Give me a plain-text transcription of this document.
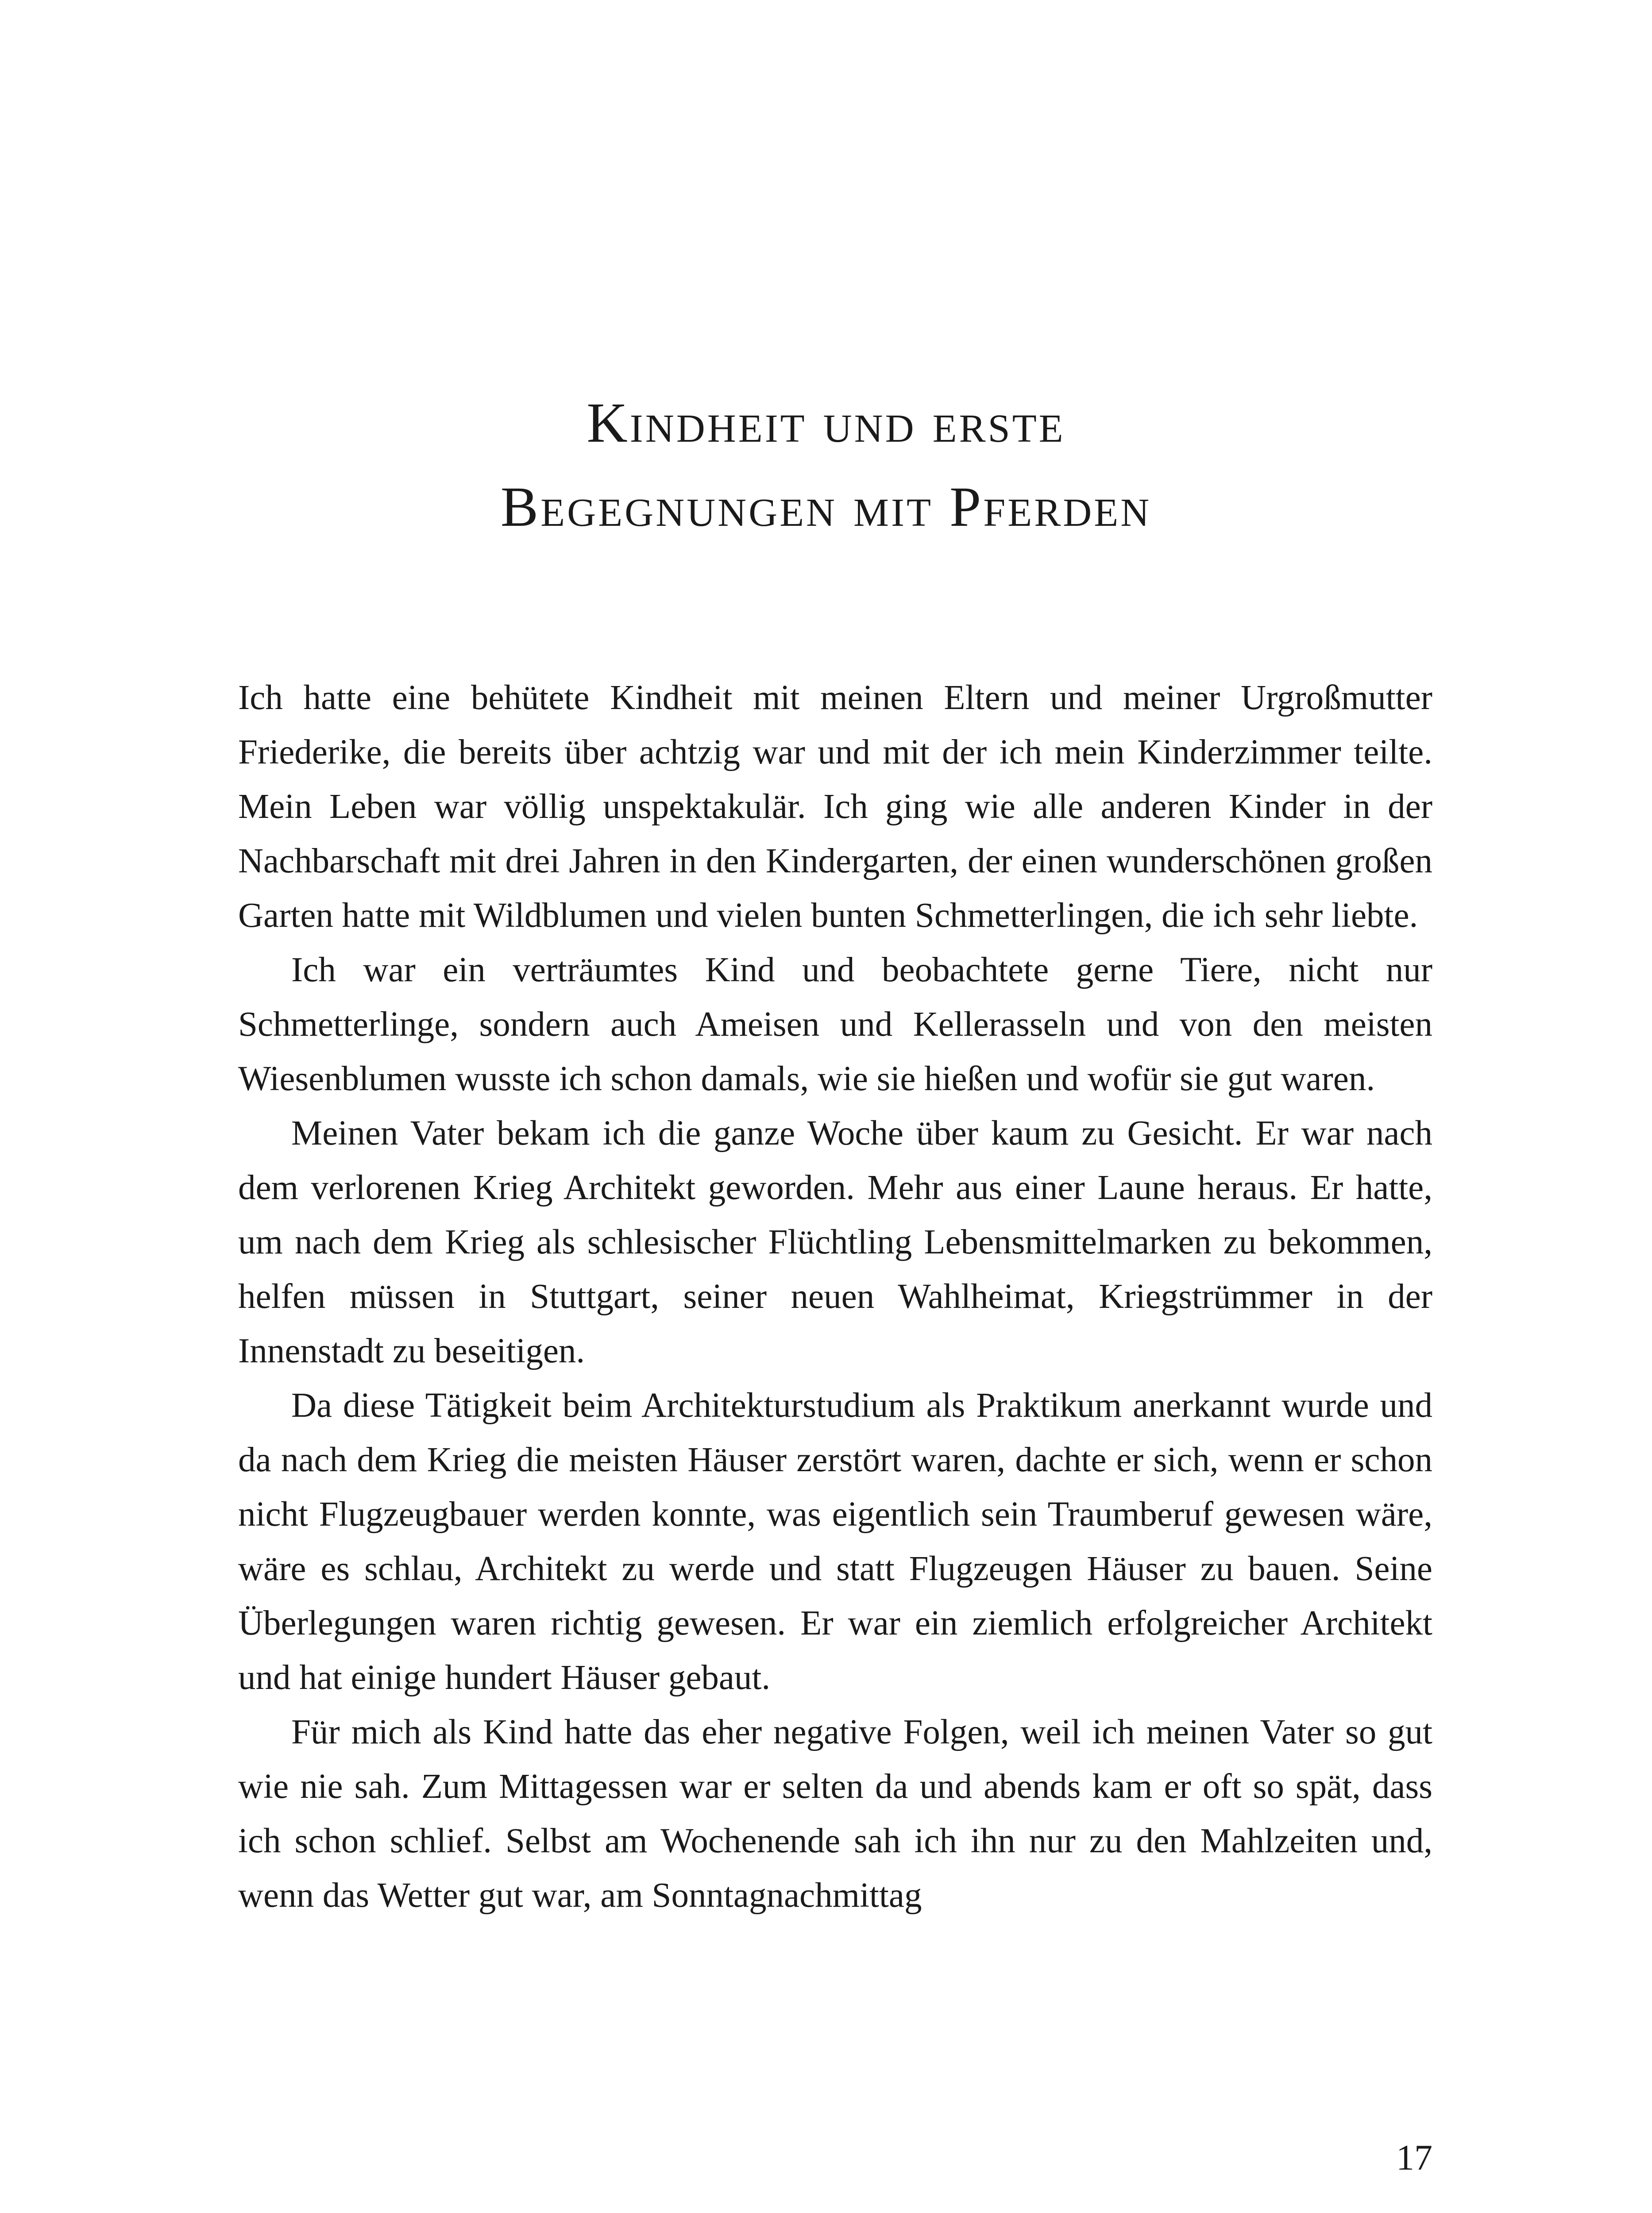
Kindheit und erste
Begegnungen mit Pferden

Ich hatte eine behütete Kindheit mit meinen Eltern und meiner Urgroßmutter Friederike, die bereits über achtzig war und mit der ich mein Kinderzimmer teilte. Mein Leben war völlig unspektakulär. Ich ging wie alle anderen Kinder in der Nachbarschaft mit drei Jahren in den Kindergarten, der einen wunderschönen großen Garten hatte mit Wildblumen und vielen bunten Schmetterlingen, die ich sehr liebte.

Ich war ein verträumtes Kind und beobachtete gerne Tiere, nicht nur Schmetterlinge, sondern auch Ameisen und Kellerasseln und von den meisten Wiesenblumen wusste ich schon damals, wie sie hießen und wofür sie gut waren.

Meinen Vater bekam ich die ganze Woche über kaum zu Gesicht. Er war nach dem verlorenen Krieg Architekt geworden. Mehr aus einer Laune heraus. Er hatte, um nach dem Krieg als schlesischer Flüchtling Lebensmittelmarken zu bekommen, helfen müssen in Stuttgart, seiner neuen Wahlheimat, Kriegstrümmer in der Innenstadt zu beseitigen.

Da diese Tätigkeit beim Architekturstudium als Praktikum anerkannt wurde und da nach dem Krieg die meisten Häuser zerstört waren, dachte er sich, wenn er schon nicht Flugzeugbauer werden konnte, was eigentlich sein Traumberuf gewesen wäre, wäre es schlau, Architekt zu werde und statt Flugzeugen Häuser zu bauen. Seine Überlegungen waren richtig gewesen. Er war ein ziemlich erfolgreicher Architekt und hat einige hundert Häuser gebaut.

Für mich als Kind hatte das eher negative Folgen, weil ich meinen Vater so gut wie nie sah. Zum Mittagessen war er selten da und abends kam er oft so spät, dass ich schon schlief. Selbst am Wochenende sah ich ihn nur zu den Mahlzeiten und, wenn das Wetter gut war, am Sonntagnachmittag

17
